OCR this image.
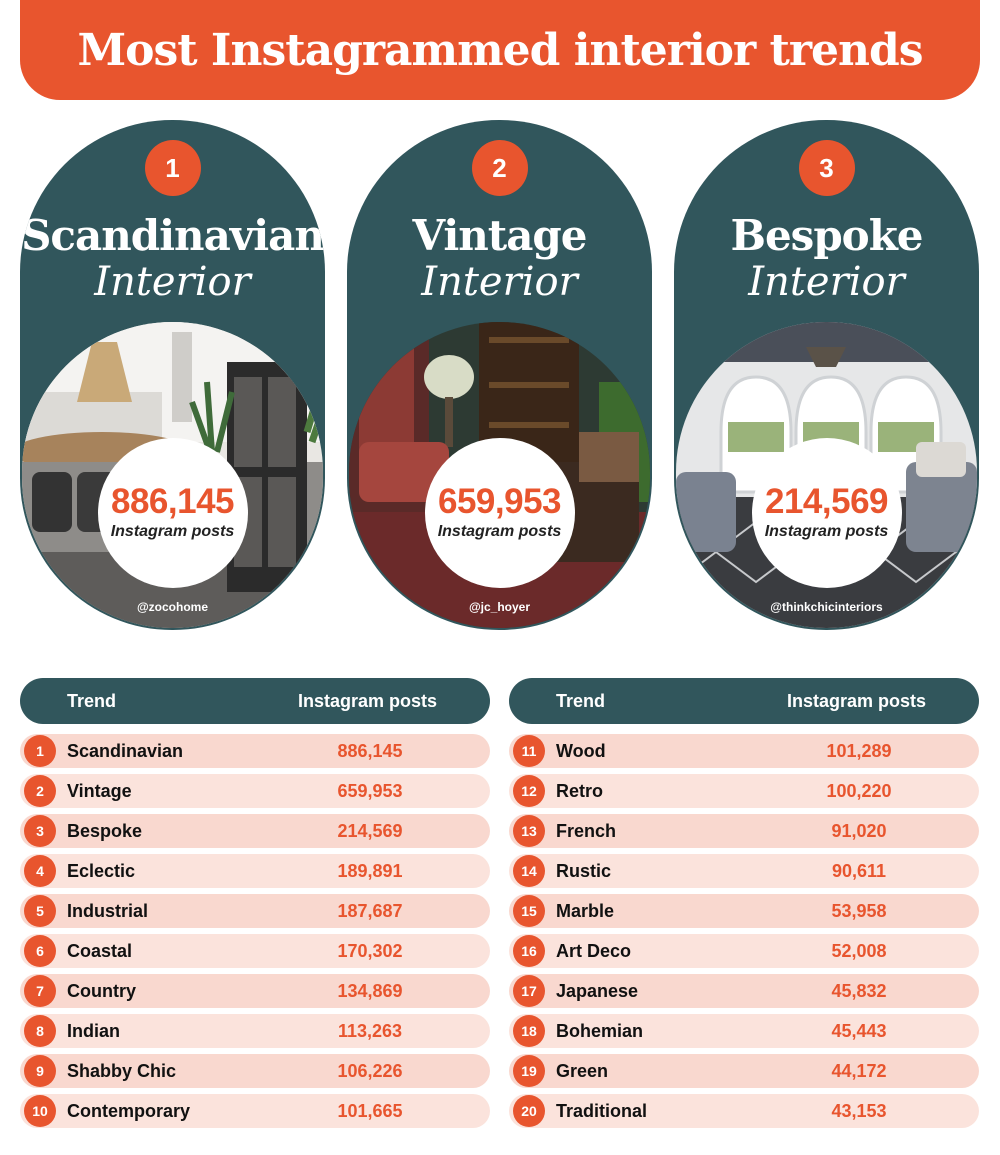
Most Instagrammed interior trends
1
Scandinavian
Interior
886,145
Instagram posts
@zocohome
2
Vintage
Interior
659,953
Instagram posts
@jc_hoyer
3
Bespoke
Interior
214,569
Instagram posts
@thinkchicinteriors
Trend	Instagram posts
1	Scandinavian	886,145
2	Vintage	659,953
3	Bespoke	214,569
4	Eclectic	189,891
5	Industrial	187,687
6	Coastal	170,302
7	Country	134,869
8	Indian	113,263
9	Shabby Chic	106,226
10	Contemporary	101,665
Trend	Instagram posts
11	Wood	101,289
12	Retro	100,220
13	French	91,020
14	Rustic	90,611
15	Marble	53,958
16	Art Deco	52,008
17	Japanese	45,832
18	Bohemian	45,443
19	Green	44,172
20	Traditional	43,153
